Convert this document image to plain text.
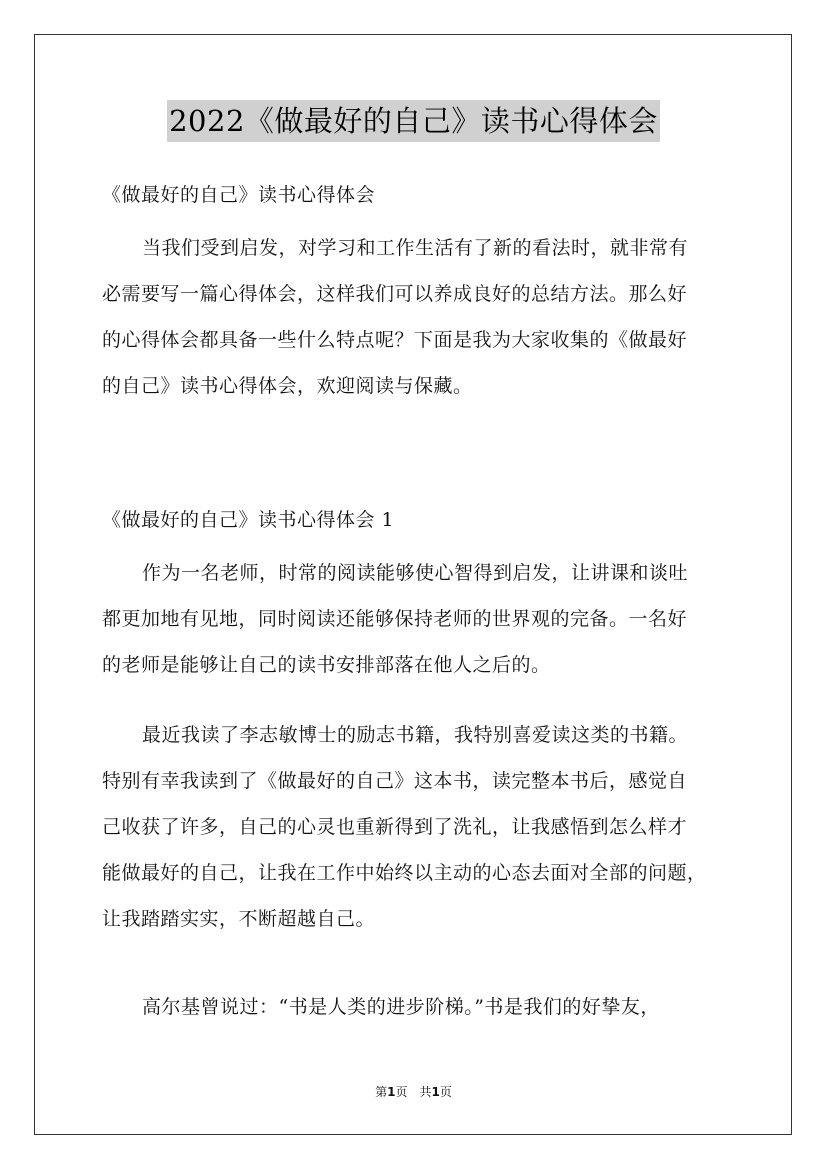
2022《做最好的自己》读书心得体会
《做最好的自己》读书心得体会
当我们受到启发，对学习和工作生活有了新的看法时，就非常有
必需要写一篇心得体会，这样我们可以养成良好的总结方法。那么好
的心得体会都具备一些什么特点呢？下面是我为大家收集的《做最好
的自己》读书心得体会，欢迎阅读与保藏。
《做最好的自己》读书心得体会 1
作为一名老师，时常的阅读能够使心智得到启发，让讲课和谈吐
都更加地有见地，同时阅读还能够保持老师的世界观的完备。一名好
的老师是能够让自己的读书安排部落在他人之后的。
最近我读了李志敏博士的励志书籍，我特别喜爱读这类的书籍。
特别有幸我读到了《做最好的自己》这本书，读完整本书后，感觉自
己收获了许多，自己的心灵也重新得到了洗礼，让我感悟到怎么样才
能做最好的自己，让我在工作中始终以主动的心态去面对全部的问题，
让我踏踏实实，不断超越自己。
高尔基曾说过：“书是人类的进步阶梯。”书是我们的好挚友，
第1页　共1页
